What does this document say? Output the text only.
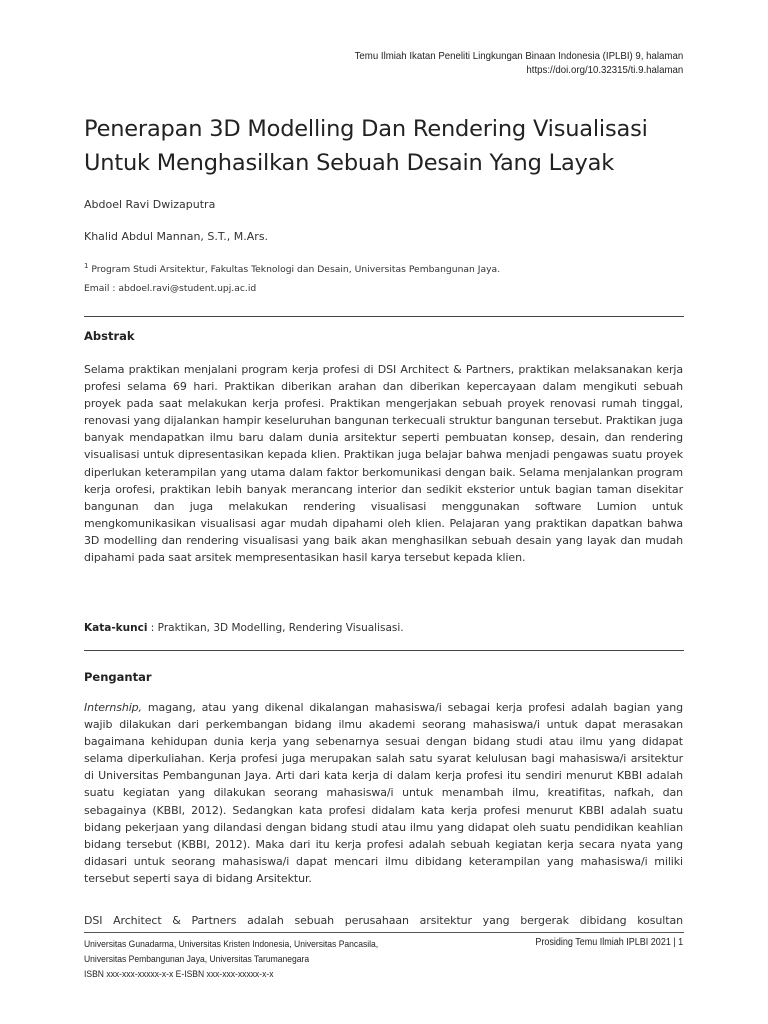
Temu Ilmiah Ikatan Peneliti Lingkungan Binaan Indonesia (IPLBI) 9, halaman
https://doi.org/10.32315/ti.9.halaman
Penerapan 3D Modelling Dan Rendering Visualisasi Untuk Menghasilkan Sebuah Desain Yang Layak
Abdoel Ravi Dwizaputra
Khalid Abdul Mannan, S.T., M.Ars.
$^1$ Program Studi Arsitektur, Fakultas Teknologi dan Desain, Universitas Pembangunan Jaya.
Email : abdoel.ravi@student.upj.ac.id
Abstrak
Selama praktikan menjalani program kerja profesi di DSI Architect & Partners, praktikan melaksanakan kerja profesi selama 69 hari. Praktikan diberikan arahan dan diberikan kepercayaan dalam mengikuti sebuah proyek pada saat melakukan kerja profesi. Praktikan mengerjakan sebuah proyek renovasi rumah tinggal, renovasi yang dijalankan hampir keseluruhan bangunan terkecuali struktur bangunan tersebut. Praktikan juga banyak mendapatkan ilmu baru dalam dunia arsitektur seperti pembuatan konsep, desain, dan rendering visualisasi untuk dipresentasikan kepada klien. Praktikan juga belajar bahwa menjadi pengawas suatu proyek diperlukan keterampilan yang utama dalam faktor berkomunikasi dengan baik. Selama menjalankan program kerja orofesi, praktikan lebih banyak merancang interior dan sedikit eksterior untuk bagian taman disekitar bangunan dan juga melakukan rendering visualisasi menggunakan software Lumion untuk mengkomunikasikan visualisasi agar mudah dipahami oleh klien. Pelajaran yang praktikan dapatkan bahwa 3D modelling dan rendering visualisasi yang baik akan menghasilkan sebuah desain yang layak dan mudah dipahami pada saat arsitek mempresentasikan hasil karya tersebut kepada klien.
Kata-kunci : Praktikan, 3D Modelling, Rendering Visualisasi.
Pengantar
Internship, magang, atau yang dikenal dikalangan mahasiswa/i sebagai kerja profesi adalah bagian yang wajib dilakukan dari perkembangan bidang ilmu akademi seorang mahasiswa/i untuk dapat merasakan bagaimana kehidupan dunia kerja yang sebenarnya sesuai dengan bidang studi atau ilmu yang didapat selama diperkuliahan. Kerja profesi juga merupakan salah satu syarat kelulusan bagi mahasiswa/i arsitektur di Universitas Pembangunan Jaya. Arti dari kata kerja di dalam kerja profesi itu sendiri menurut KBBI adalah suatu kegiatan yang dilakukan seorang mahasiswa/i untuk menambah ilmu, kreatifitas, nafkah, dan sebagainya (KBBI, 2012). Sedangkan kata profesi didalam kata kerja profesi menurut KBBI adalah suatu bidang pekerjaan yang dilandasi dengan bidang studi atau ilmu yang didapat oleh suatu pendidikan keahlian bidang tersebut (KBBI, 2012). Maka dari itu kerja profesi adalah sebuah kegiatan kerja secara nyata yang didasari untuk seorang mahasiswa/i dapat mencari ilmu dibidang keterampilan yang mahasiswa/i miliki tersebut seperti saya di bidang Arsitektur.
DSI Architect & Partners adalah sebuah perusahaan arsitektur yang bergerak dibidang kosultan
Universitas Gunadarma, Universitas Kristen Indonesia, Universitas Pancasila,
Universitas Pembangunan Jaya, Universitas Tarumanegara
ISBN xxx-xxx-xxxxx-x-x E-ISBN xxx-xxx-xxxxx-x-x
Prosiding Temu Ilmiah IPLBI 2021 | 1
